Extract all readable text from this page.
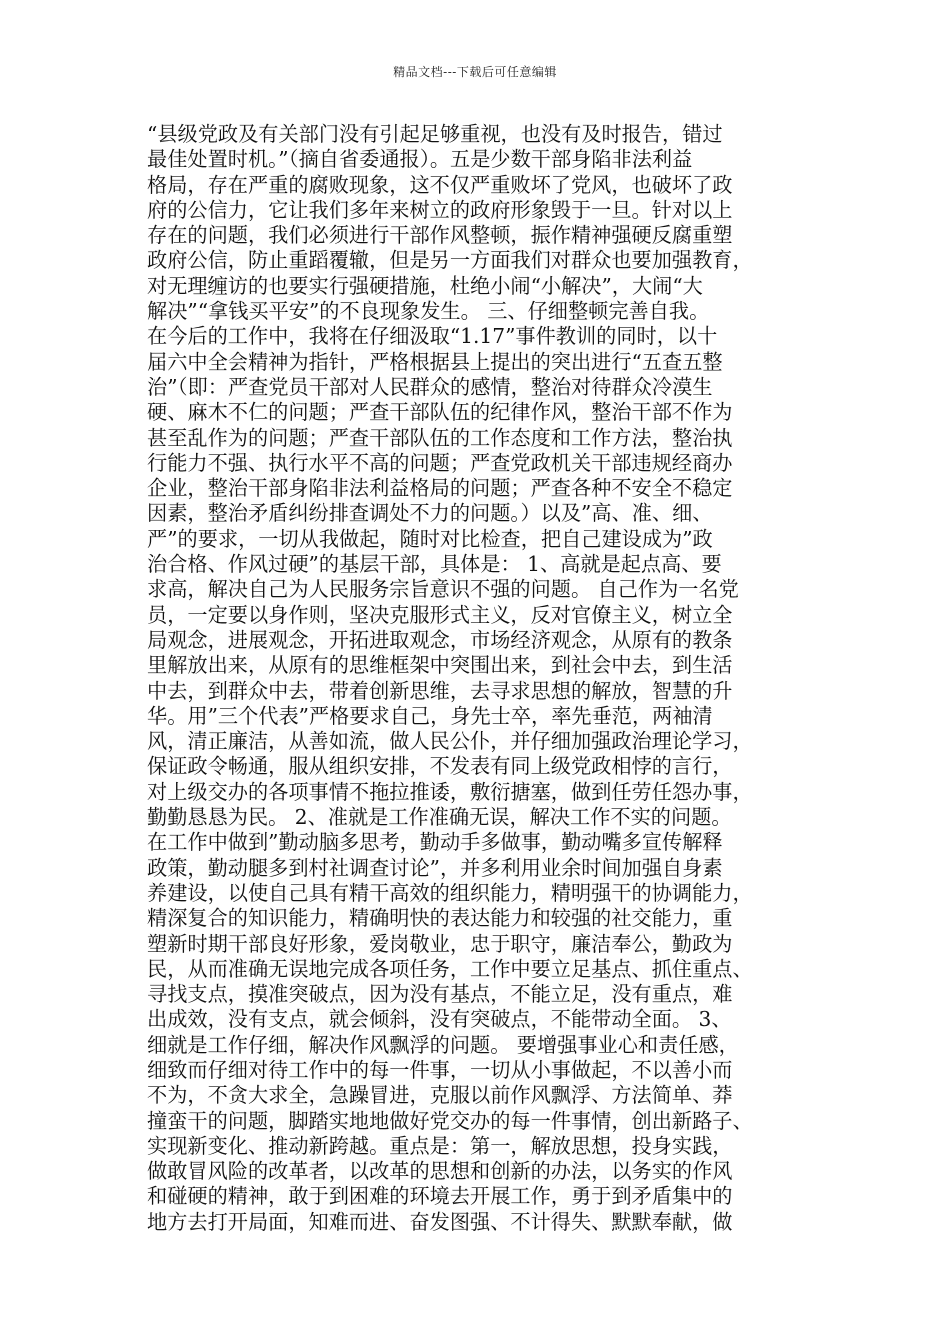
精品文档---下载后可任意编辑
“县级党政及有关部门没有引起足够重视，也没有及时报告，错过
最佳处置时机。”（摘自省委通报）。五是少数干部身陷非法利益
格局，存在严重的腐败现象，这不仅严重败坏了党风，也破坏了政
府的公信力，它让我们多年来树立的政府形象毁于一旦。针对以上
存在的问题，我们必须进行干部作风整顿，振作精神强硬反腐重塑
政府公信，防止重蹈覆辙，但是另一方面我们对群众也要加强教育，
对无理缠访的也要实行强硬措施，杜绝小闹“小解决”，大闹“大
解决”“拿钱买平安”的不良现象发生。 三、仔细整顿完善自我。
在今后的工作中，我将在仔细汲取“1.17”事件教训的同时，以十
届六中全会精神为指针，严格根据县上提出的突出进行“五查五整
治”（即：严查党员干部对人民群众的感情，整治对待群众冷漠生
硬、麻木不仁的问题；严查干部队伍的纪律作风，整治干部不作为
甚至乱作为的问题；严查干部队伍的工作态度和工作方法，整治执
行能力不强、执行水平不高的问题；严查党政机关干部违规经商办
企业，整治干部身陷非法利益格局的问题；严查各种不安全不稳定
因素，整治矛盾纠纷排查调处不力的问题。）以及”高、准、细、
严”的要求，一切从我做起，随时对比检查，把自己建设成为”政
治合格、作风过硬”的基层干部，具体是： 1、高就是起点高、要
求高，解决自己为人民服务宗旨意识不强的问题。 自己作为一名党
员，一定要以身作则，坚决克服形式主义，反对官僚主义，树立全
局观念，进展观念，开拓进取观念，市场经济观念，从原有的教条
里解放出来，从原有的思维框架中突围出来，到社会中去，到生活
中去，到群众中去，带着创新思维，去寻求思想的解放，智慧的升
华。用”三个代表”严格要求自己，身先士卒，率先垂范，两袖清
风，清正廉洁，从善如流，做人民公仆，并仔细加强政治理论学习，
保证政令畅通，服从组织安排，不发表有同上级党政相悖的言行，
对上级交办的各项事情不拖拉推诿，敷衍搪塞，做到任劳任怨办事，
勤勤恳恳为民。 2、准就是工作准确无误，解决工作不实的问题。
在工作中做到”勤动脑多思考，勤动手多做事，勤动嘴多宣传解释
政策，勤动腿多到村社调查讨论”，并多利用业余时间加强自身素
养建设，以使自己具有精干高效的组织能力，精明强干的协调能力，
精深复合的知识能力，精确明快的表达能力和较强的社交能力，重
塑新时期干部良好形象，爱岗敬业，忠于职守，廉洁奉公，勤政为
民，从而准确无误地完成各项任务，工作中要立足基点、抓住重点、
寻找支点，摸准突破点，因为没有基点，不能立足，没有重点，难
出成效，没有支点，就会倾斜，没有突破点，不能带动全面。 3、
细就是工作仔细，解决作风飘浮的问题。 要增强事业心和责任感，
细致而仔细对待工作中的每一件事，一切从小事做起，不以善小而
不为，不贪大求全，急躁冒进，克服以前作风飘浮、方法简单、莽
撞蛮干的问题，脚踏实地地做好党交办的每一件事情，创出新路子、
实现新变化、推动新跨越。重点是：第一，解放思想，投身实践，
做敢冒风险的改革者，以改革的思想和创新的办法，以务实的作风
和碰硬的精神，敢于到困难的环境去开展工作，勇于到矛盾集中的
地方去打开局面，知难而进、奋发图强、不计得失、默默奉献，做
